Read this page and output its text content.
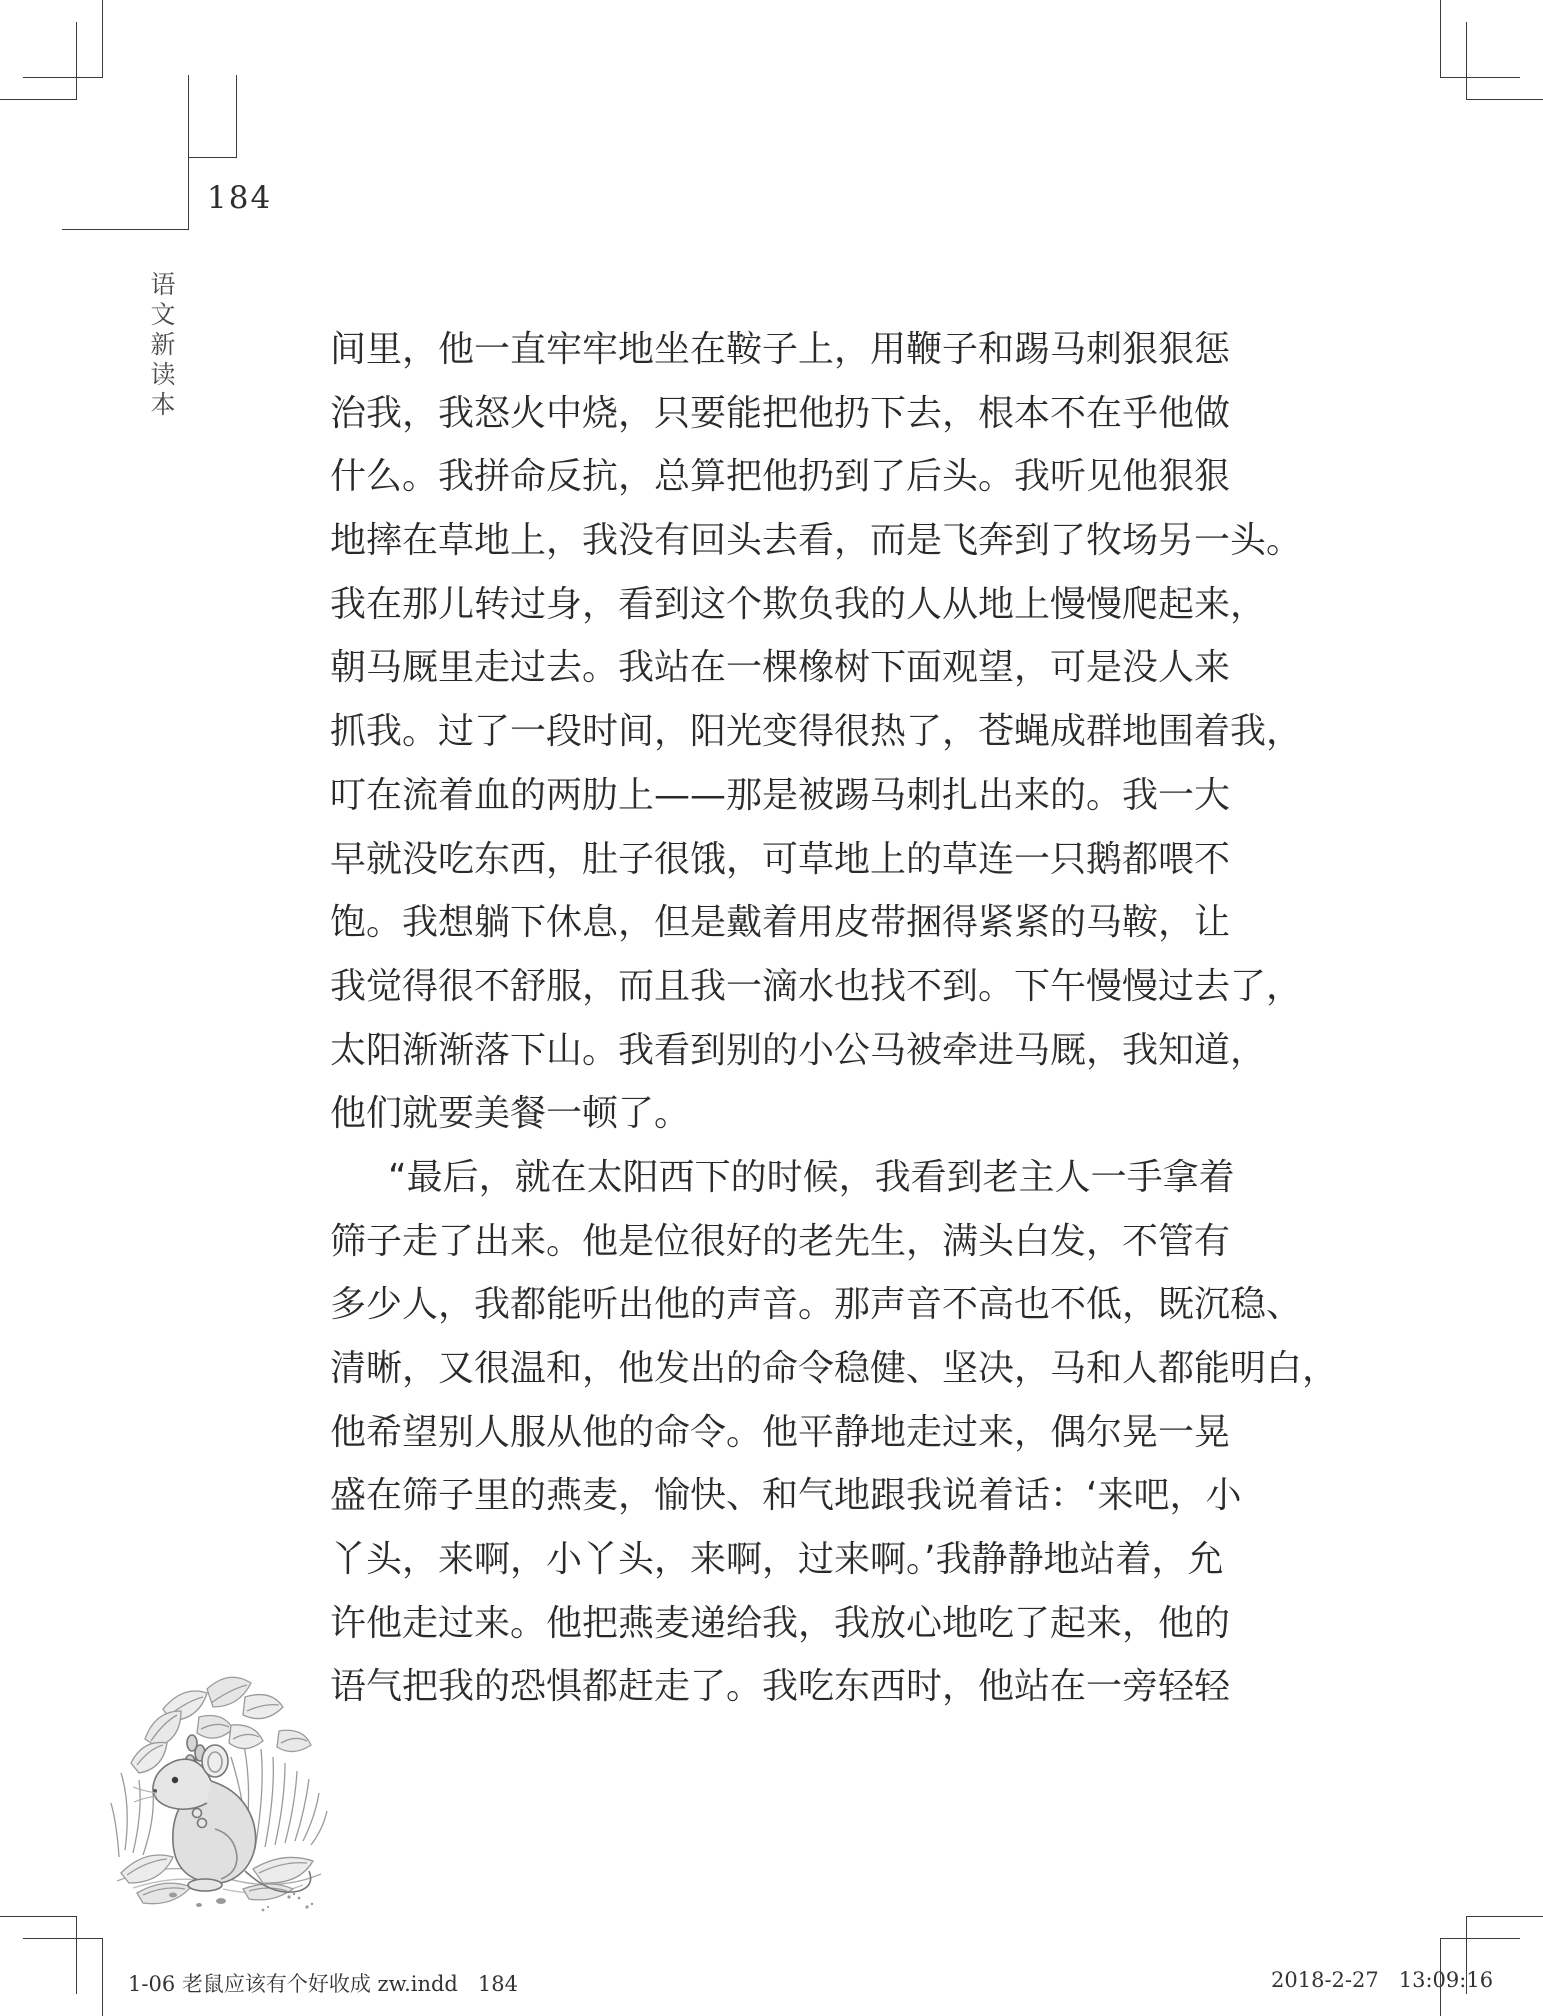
184
语文新读本	间里，他一直牢牢地坐在鞍子上，用鞭子和踢马刺狠狠惩
治我，我怒火中烧，只要能把他扔下去，根本不在乎他做
什么。我拼命反抗，总算把他扔到了后头。我听见他狠狠
地摔在草地上，我没有回头去看，而是飞奔到了牧场另一头。
我在那儿转过身，看到这个欺负我的人从地上慢慢爬起来，
朝马厩里走过去。我站在一棵橡树下面观望，可是没人来
抓我。过了一段时间，阳光变得很热了，苍蝇成群地围着我，
叮在流着血的两肋上——那是被踢马刺扎出来的。我一大
早就没吃东西，肚子很饿，可草地上的草连一只鹅都喂不
饱。我想躺下休息，但是戴着用皮带捆得紧紧的马鞍，让
我觉得很不舒服，而且我一滴水也找不到。下午慢慢过去了，
太阳渐渐落下山。我看到别的小公马被牵进马厩，我知道，
他们就要美餐一顿了。
“最后，就在太阳西下的时候，我看到老主人一手拿着
筛子走了出来。他是位很好的老先生，满头白发，不管有
多少人，我都能听出他的声音。那声音不高也不低，既沉稳、
清晰，又很温和，他发出的命令稳健、坚决，马和人都能明白，
他希望别人服从他的命令。他平静地走过来，偶尔晃一晃
盛在筛子里的燕麦，愉快、和气地跟我说着话：‘来吧，小
丫头，来啊，小丫头，来啊，过来啊。’我静静地站着，允
许他走过来。他把燕麦递给我，我放心地吃了起来，他的
语气把我的恐惧都赶走了。我吃东西时，他站在一旁轻轻
1-06 老鼠应该有个好收成 zw.indd   184	2018-2-27   13:09:16
